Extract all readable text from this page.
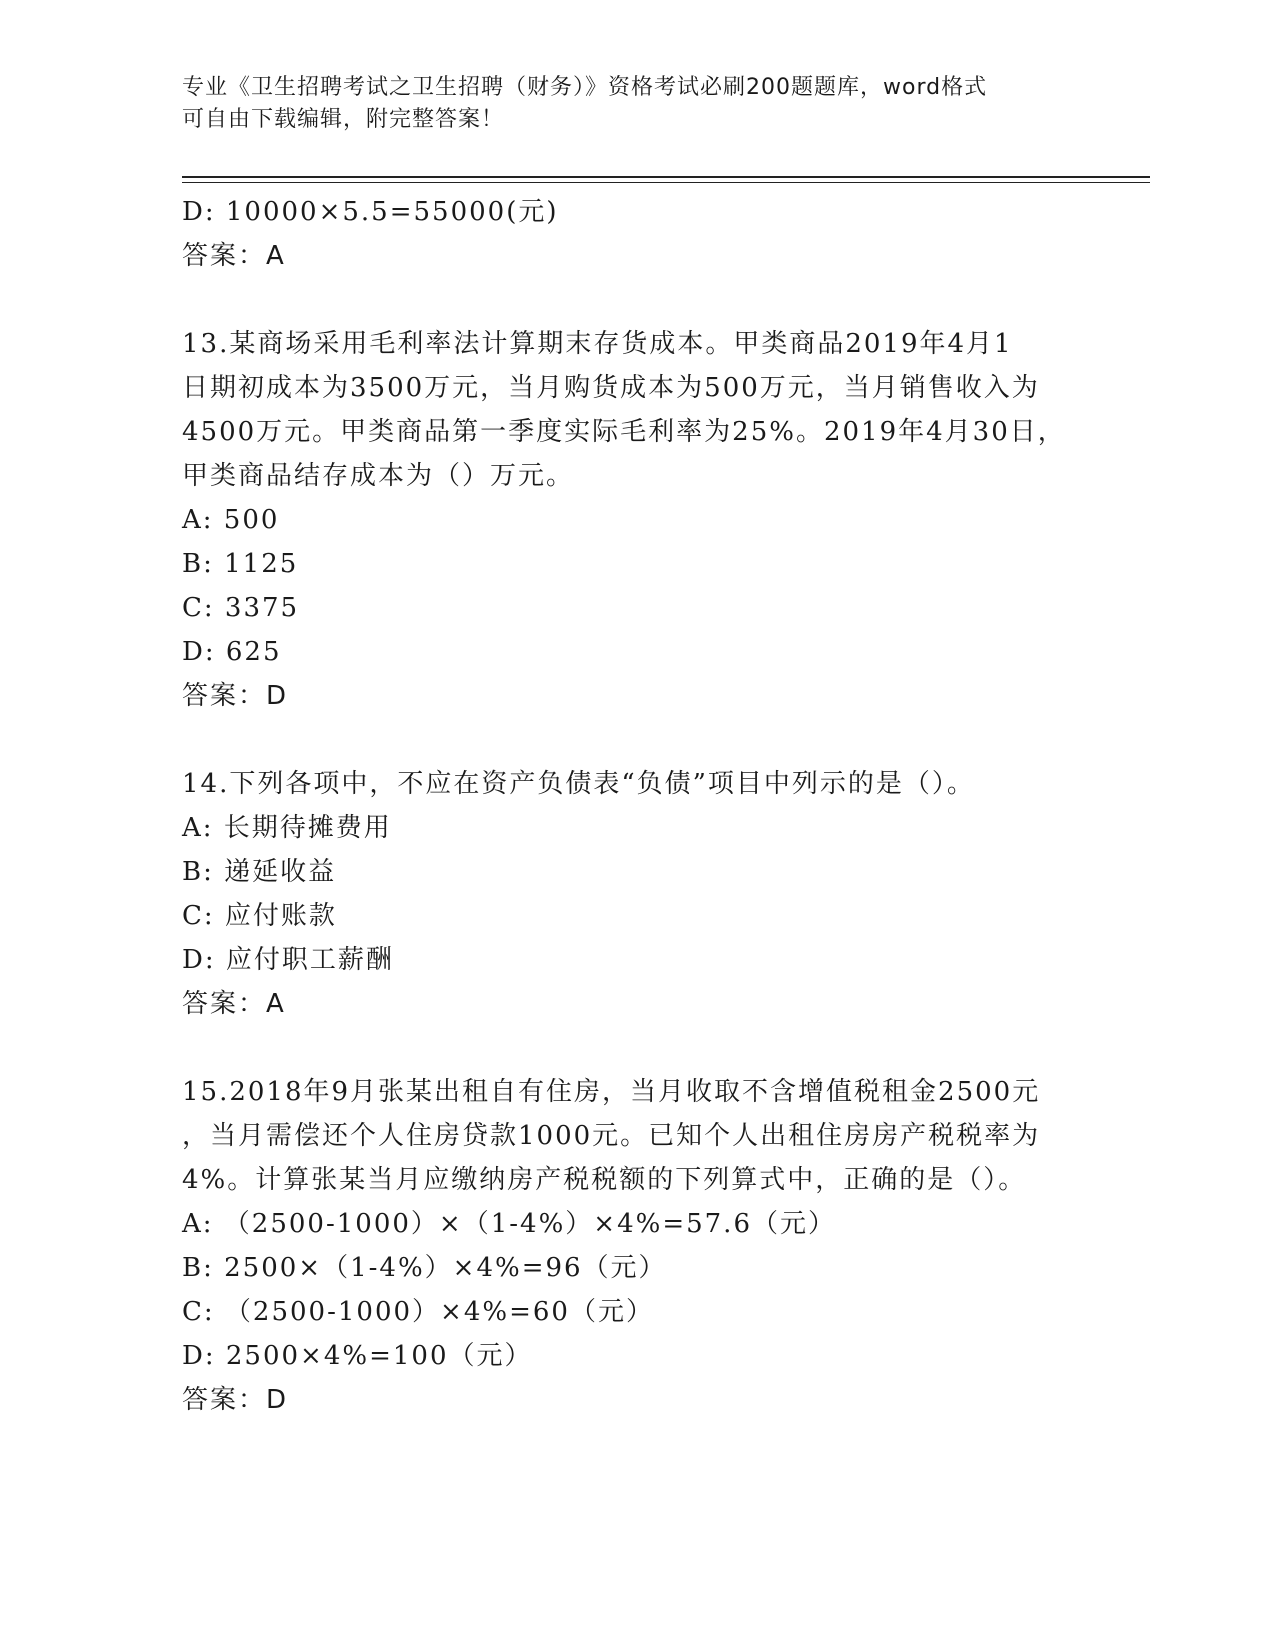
专业《卫生招聘考试之卫生招聘（财务）》资格考试必刷200题题库，word格式
可自由下载编辑，附完整答案！
D: 10000×5.5=55000(元)
答案：A
13.某商场采用毛利率法计算期末存货成本。甲类商品2019年4月1
日期初成本为3500万元，当月购货成本为500万元，当月销售收入为
4500万元。甲类商品第一季度实际毛利率为25%。2019年4月30日，
甲类商品结存成本为（）万元。
A: 500
B: 1125
C: 3375
D: 625
答案：D
14.下列各项中，不应在资产负债表“负债”项目中列示的是（）。
A: 长期待摊费用
B: 递延收益
C: 应付账款
D: 应付职工薪酬
答案：A
15.2018年9月张某出租自有住房，当月收取不含增值税租金2500元
，当月需偿还个人住房贷款1000元。已知个人出租住房房产税税率为
4%。计算张某当月应缴纳房产税税额的下列算式中，正确的是（）。
A: （2500-1000）×（1-4%）×4%=57.6（元）
B: 2500×（1-4%）×4%=96（元）
C: （2500-1000）×4%=60（元）
D: 2500×4%=100（元）
答案：D
